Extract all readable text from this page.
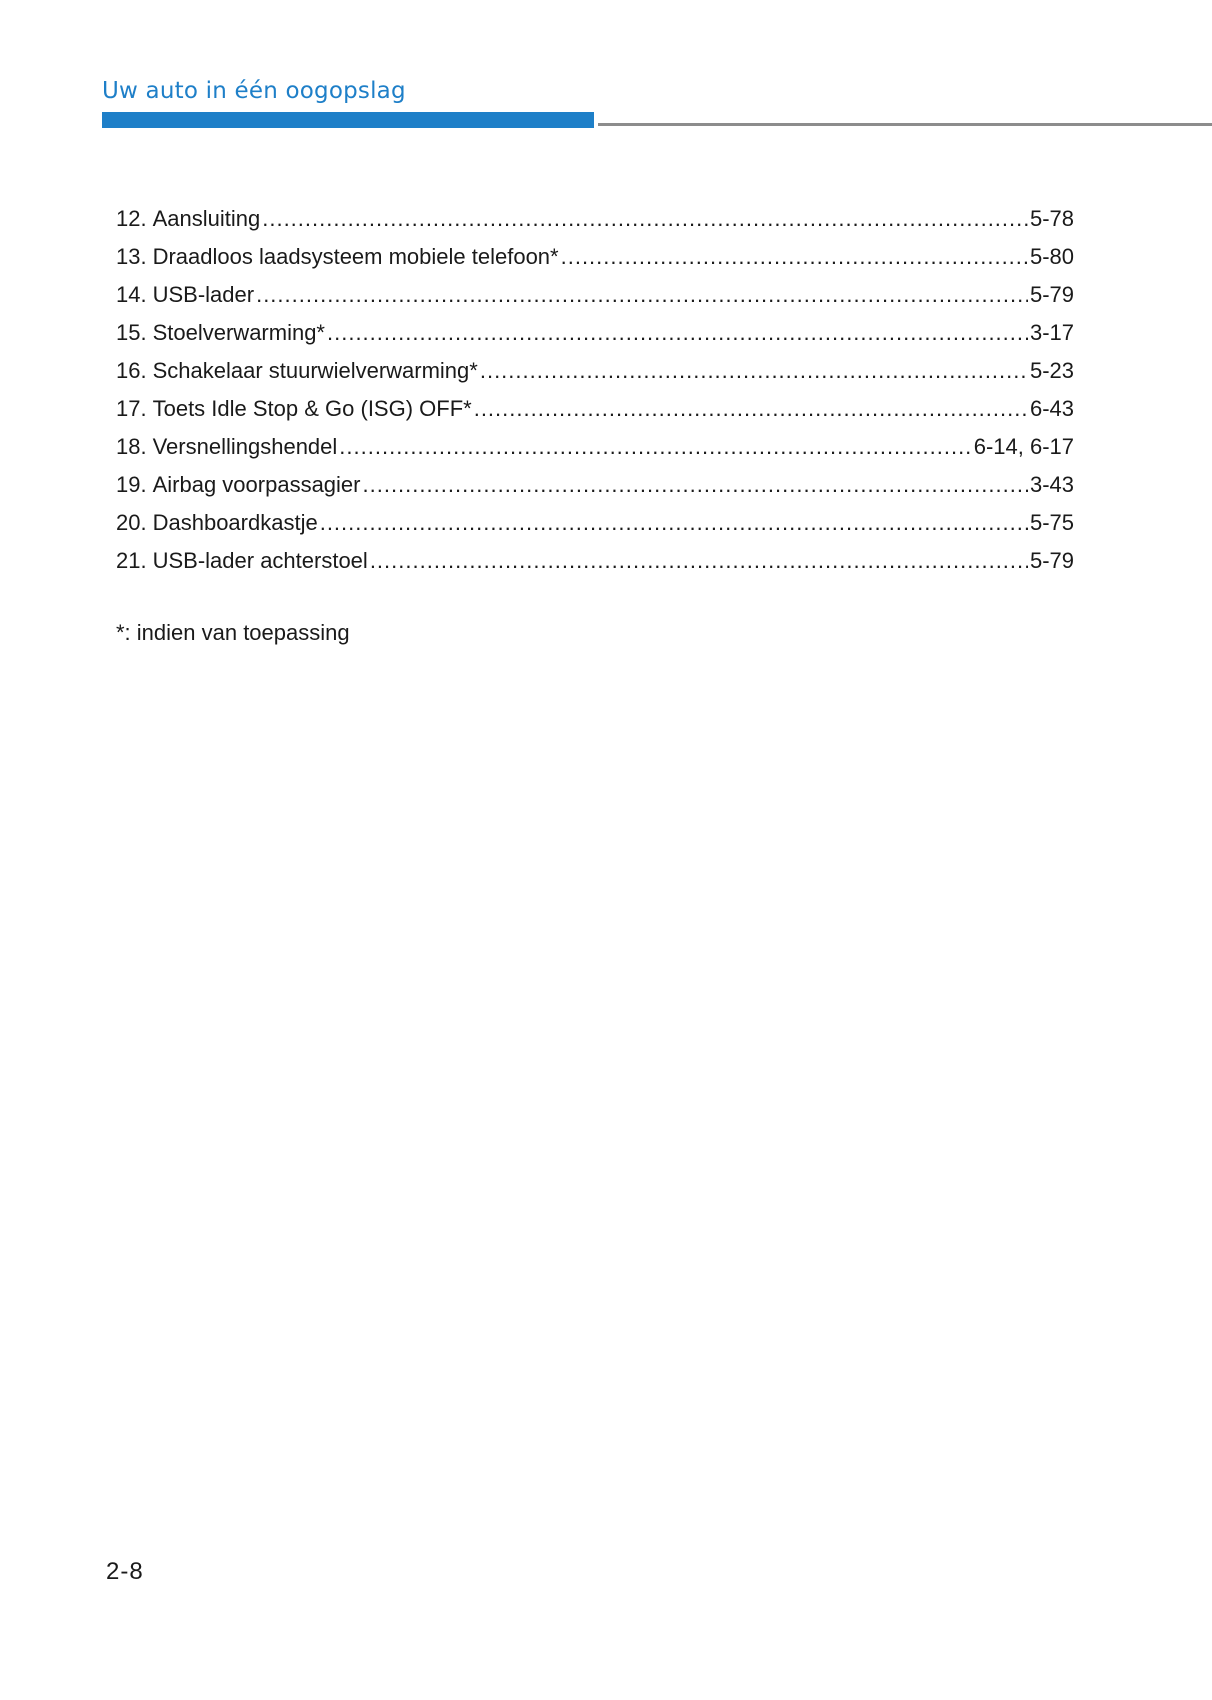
Uw auto in één oogopslag
12. Aansluiting .....	5-78
13. Draadloos laadsysteem mobiele telefoon* .....	5-80
14. USB-lader .....	5-79
15. Stoelverwarming* .....	3-17
16. Schakelaar stuurwielverwarming* .....	5-23
17. Toets Idle Stop & Go (ISG) OFF* .....	6-43
18. Versnellingshendel .....	6-14, 6-17
19. Airbag voorpassagier .....	3-43
20. Dashboardkastje .....	5-75
21. USB-lader achterstoel .....	5-79
*: indien van toepassing
2-8
